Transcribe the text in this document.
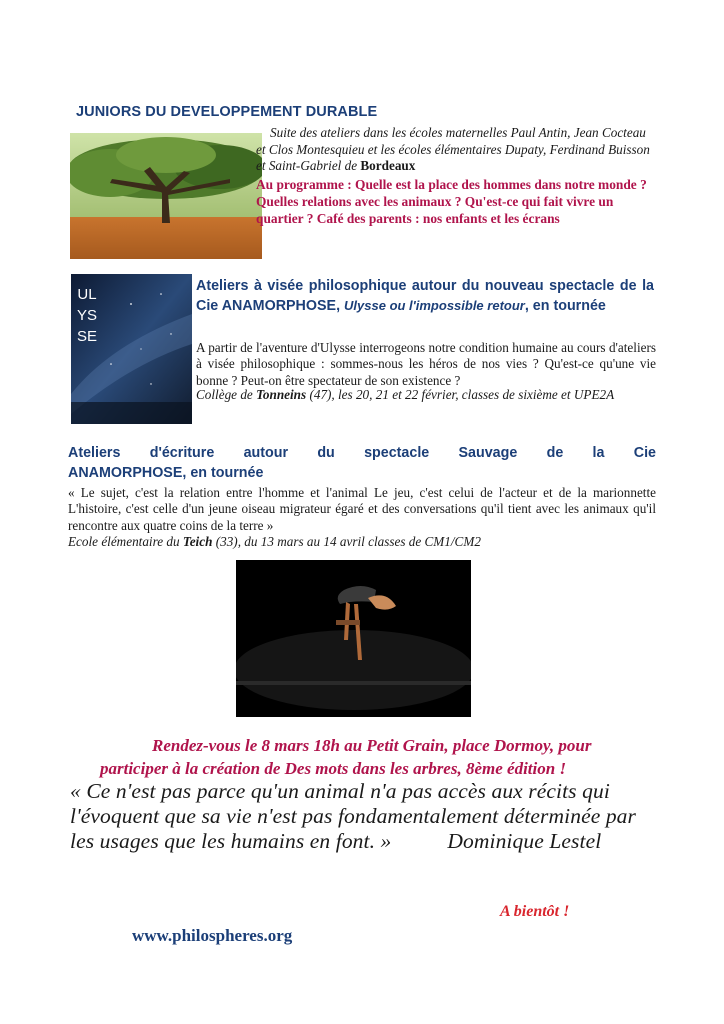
JUNIORS DU DEVELOPPEMENT DURABLE
Suite des ateliers dans les écoles maternelles Paul Antin, Jean Cocteau et Clos Montesquieu et les écoles élémentaires Dupaty, Ferdinand Buisson et Saint-Gabriel de Bordeaux
Au programme : Quelle est la place des hommes dans notre monde ? Quelles relations avec les animaux ? Qu'est-ce qui fait vivre un quartier ? Café des parents : nos enfants et les écrans
ULYSSE
Ateliers à visée philosophique autour du nouveau spectacle de la Cie ANAMORPHOSE, Ulysse ou l'impossible retour, en tournée
A partir de l'aventure d'Ulysse interrogeons notre condition humaine au cours d'ateliers à visée philosophique : sommes-nous les héros de nos vies ? Qu'est-ce qu'une vie bonne ? Peut-on être spectateur de son existence ?
Collège de Tonneins (47), les 20, 21 et 22 février, classes de sixième et UPE2A
Ateliers d'écriture autour du spectacle Sauvage de la Cie
ANAMORPHOSE, en tournée
« Le sujet, c'est la relation entre l'homme et l'animal Le jeu, c'est celui de l'acteur et de la marionnette L'histoire, c'est celle d'un jeune oiseau migrateur égaré et des conversations qu'il tient avec les animaux qu'il rencontre aux quatre coins de la terre »
Ecole élémentaire du Teich (33), du 13 mars au 14 avril classes de CM1/CM2
Rendez-vous le 8 mars 18h au Petit Grain, place Dormoy, pour
participer à la création de Des mots dans les arbres, 8ème édition !
« Ce n'est pas parce qu'un animal n'a pas accès aux récits qui
l'évoquent que sa vie n'est pas fondamentalement déterminée par
les usages que les humains en font. »	Dominique Lestel
A bientôt !
www.philospheres.org
